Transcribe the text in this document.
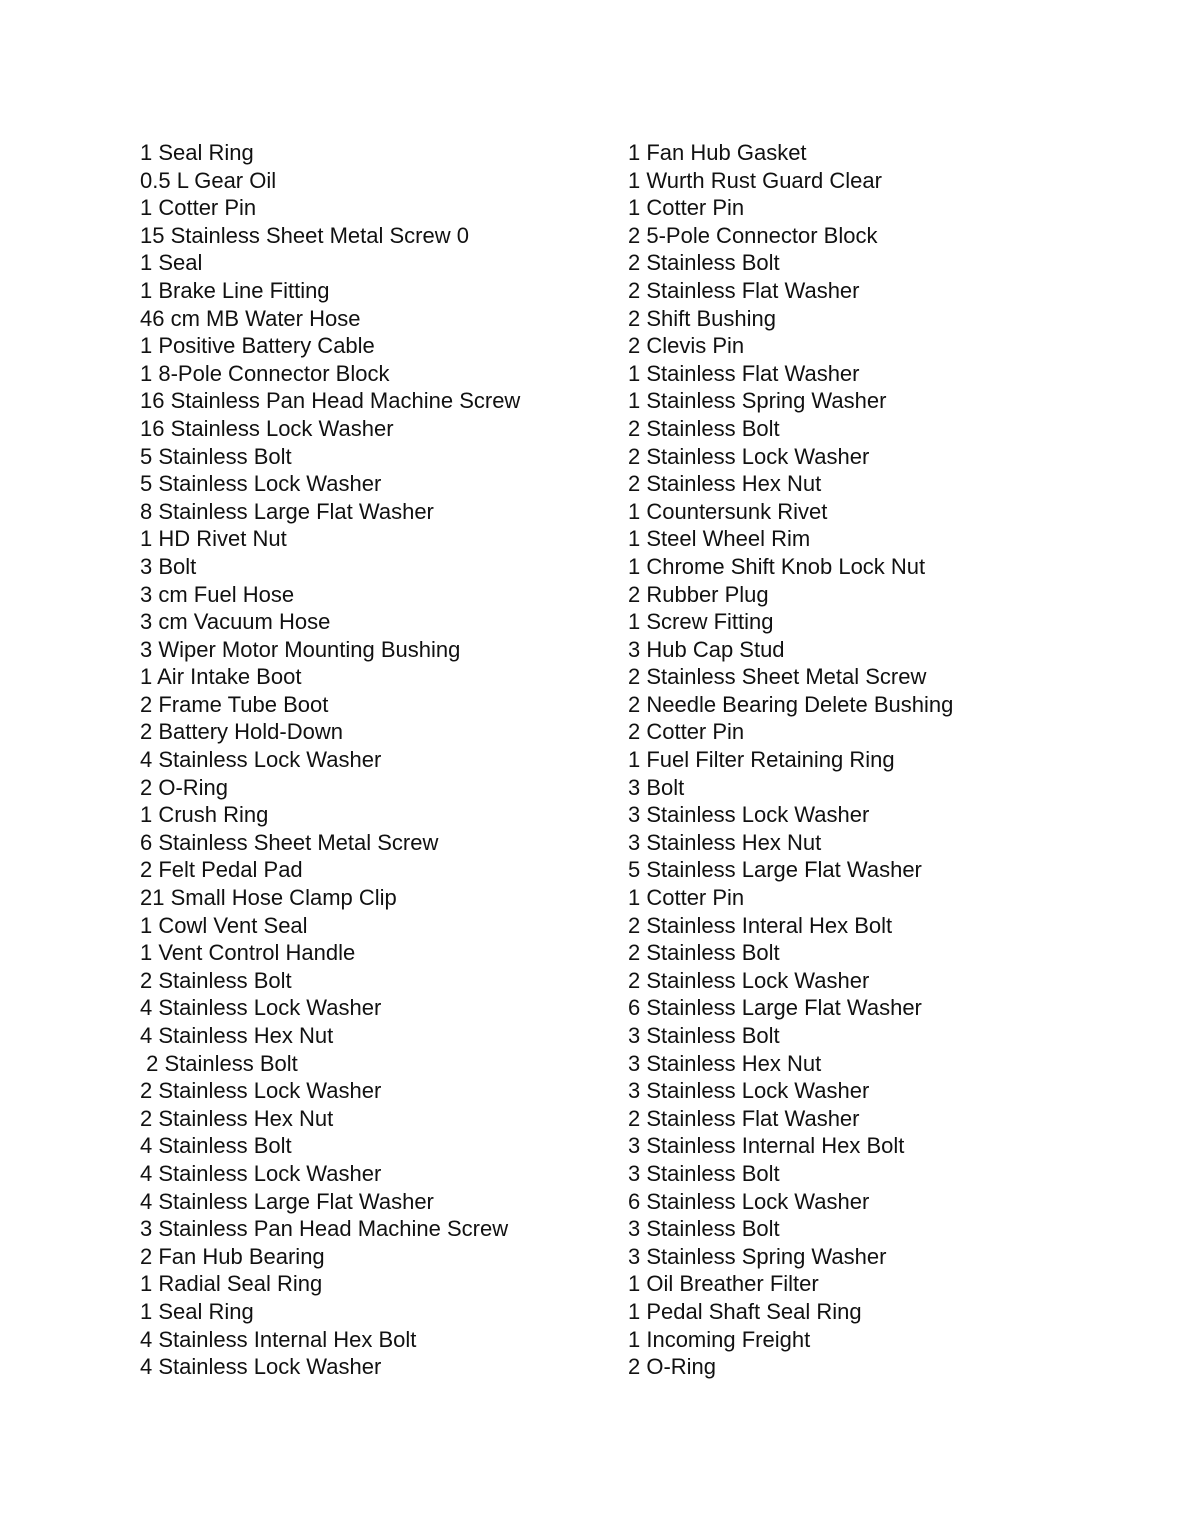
1 Seal Ring
0.5 L Gear Oil
1 Cotter Pin
15 Stainless Sheet Metal Screw 0
1 Seal
1 Brake Line Fitting
46 cm MB Water Hose
1 Positive Battery Cable
1 8-Pole Connector Block
16 Stainless Pan Head Machine Screw
16 Stainless Lock Washer
5 Stainless Bolt
5 Stainless Lock Washer
8 Stainless Large Flat Washer
1 HD Rivet Nut
3 Bolt
3 cm Fuel Hose
3 cm Vacuum Hose
3 Wiper Motor Mounting Bushing
1 Air Intake Boot
2 Frame Tube Boot
2 Battery Hold-Down
4 Stainless Lock Washer
2 O-Ring
1 Crush Ring
6 Stainless Sheet Metal Screw
2 Felt Pedal Pad
21 Small Hose Clamp Clip
1 Cowl Vent Seal
1 Vent Control Handle
2 Stainless Bolt
4 Stainless Lock Washer
4 Stainless Hex Nut
2 Stainless Bolt
2 Stainless Lock Washer
2 Stainless Hex Nut
4 Stainless Bolt
4 Stainless Lock Washer
4 Stainless Large Flat Washer
3 Stainless Pan Head Machine Screw
2 Fan Hub Bearing
1 Radial Seal Ring
1 Seal Ring
4 Stainless Internal Hex Bolt
4 Stainless Lock Washer
1 Fan Hub Gasket
1 Wurth Rust Guard Clear
1 Cotter Pin
2 5-Pole Connector Block
2 Stainless Bolt
2 Stainless Flat Washer
2 Shift Bushing
2 Clevis Pin
1 Stainless Flat Washer
1 Stainless Spring Washer
2 Stainless Bolt
2 Stainless Lock Washer
2 Stainless Hex Nut
1 Countersunk Rivet
1 Steel Wheel Rim
1 Chrome Shift Knob Lock Nut
2 Rubber Plug
1 Screw Fitting
3 Hub Cap Stud
2 Stainless Sheet Metal Screw
2 Needle Bearing Delete Bushing
2 Cotter Pin
1 Fuel Filter Retaining Ring
3 Bolt
3 Stainless Lock Washer
3 Stainless Hex Nut
5 Stainless Large Flat Washer
1 Cotter Pin
2 Stainless Interal Hex Bolt
2 Stainless Bolt
2 Stainless Lock Washer
6 Stainless Large Flat Washer
3 Stainless Bolt
3 Stainless Hex Nut
3 Stainless Lock Washer
2 Stainless Flat Washer
3 Stainless Internal Hex Bolt
3 Stainless Bolt
6 Stainless Lock Washer
3 Stainless Bolt
3 Stainless Spring Washer
1 Oil Breather Filter
1 Pedal Shaft Seal Ring
1 Incoming Freight
2 O-Ring
